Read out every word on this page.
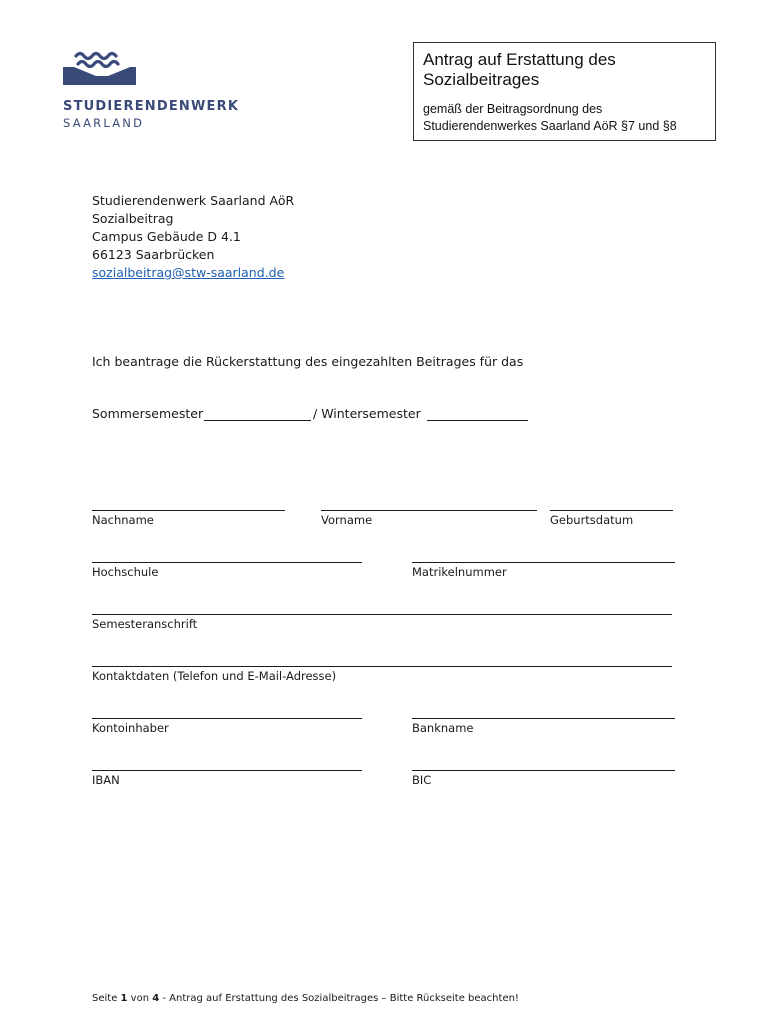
STUDIERENDENWERK
SAARLAND
Antrag auf Erstattung des
Sozialbeitrages
gemäß der Beitragsordnung des
Studierendenwerkes Saarland AöR §7 und §8
Studierendenwerk Saarland AöR
Sozialbeitrag
Campus Gebäude D 4.1
66123 Saarbrücken
sozialbeitrag@stw-saarland.de
Ich beantrage die Rückerstattung des eingezahlten Beitrages für das
Sommersemester	/ Wintersemester
Nachname	Vorname	Geburtsdatum
Hochschule	Matrikelnummer
Semesteranschrift
Kontaktdaten (Telefon und E-Mail-Adresse)
Kontoinhaber	Bankname
IBAN	BIC
Seite 1 von 4 - Antrag auf Erstattung des Sozialbeitrages – Bitte Rückseite beachten!
